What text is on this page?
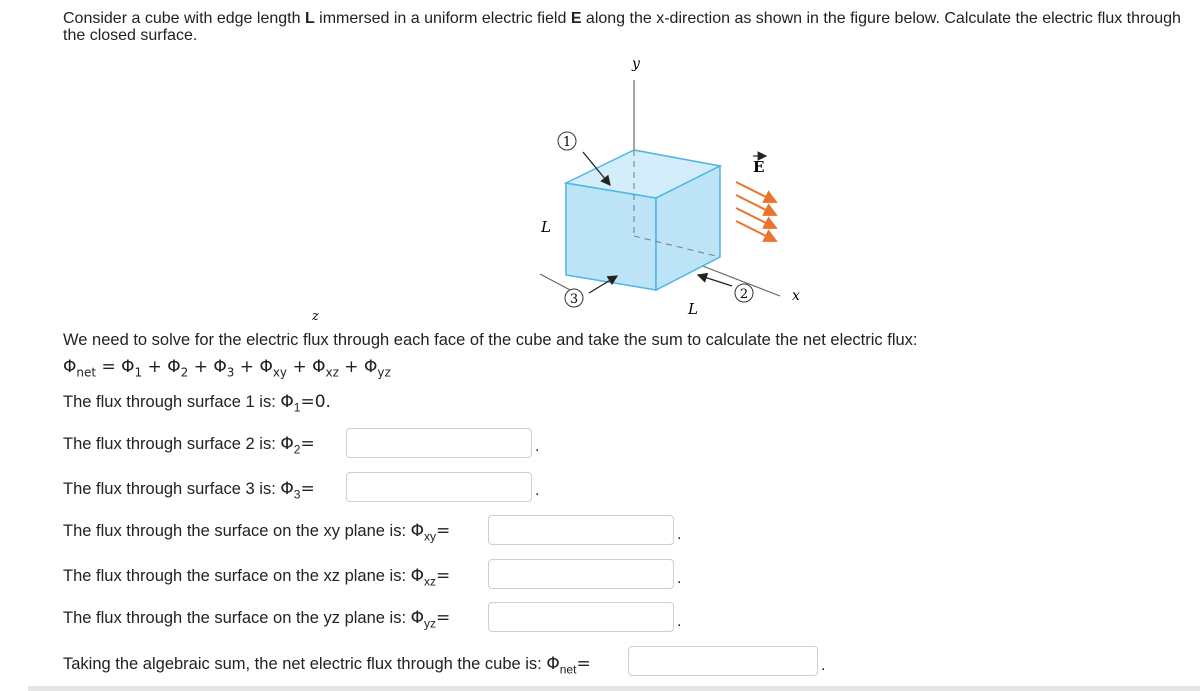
Consider a cube with edge length L immersed in a uniform electric field E along the x-direction as shown in the figure below. Calculate the electric flux through the closed surface.
1
3	2
y
x
z
L
L
E
We need to solve for the electric flux through each face of the cube and take the sum to calculate the net electric flux:
$\Phi_{net} = \Phi_1 + \Phi_2 + \Phi_3 + \Phi_{xy} + \Phi_{xz} + \Phi_{yz}$
The flux through surface 1 is: $\Phi_1=0$.
The flux through surface 2 is: $\Phi_2=$	.
The flux through surface 3 is: $\Phi_3=$	.
The flux through the surface on the xy plane is: $\Phi_{xy}=$	.
The flux through the surface on the xz plane is: $\Phi_{xz}=$	.
The flux through the surface on the yz plane is: $\Phi_{yz}=$	.
Taking the algebraic sum, the net electric flux through the cube is: $\Phi_{net}=$	.
